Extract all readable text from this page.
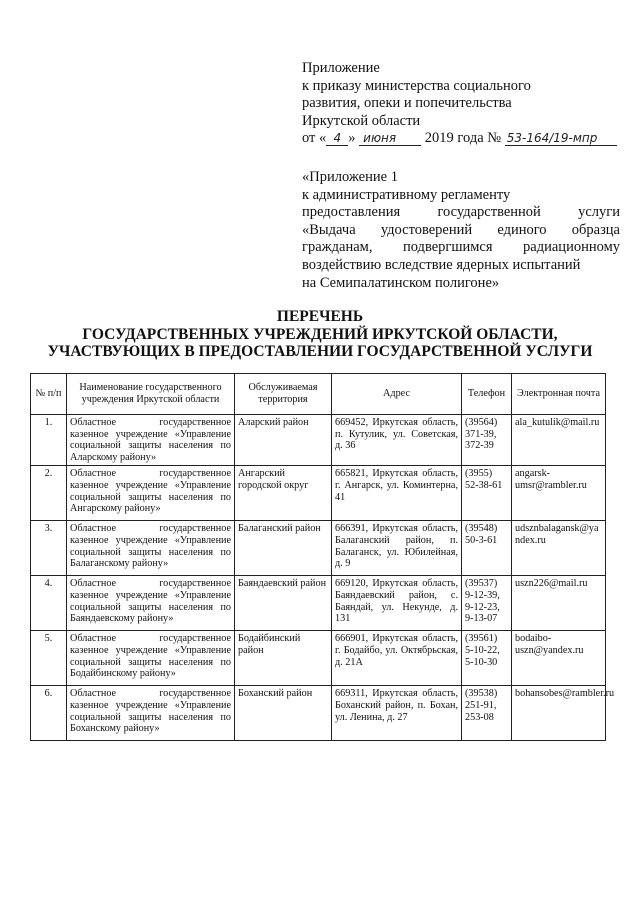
Приложение
к приказу министерства социального
развития, опеки и попечительства
Иркутской области
от « 4 » июня 2019 года № 53-164/19-мпр
«Приложение 1
к административному регламенту
предоставления	государственной	услуги
«Выдача удостоверений единого образца
гражданам, подвергшимся радиационному
воздействию вследствие ядерных испытаний
на Семипалатинском полигоне»
ПЕРЕЧЕНЬ
ГОСУДАРСТВЕННЫХ УЧРЕЖДЕНИЙ ИРКУТСКОЙ ОБЛАСТИ,
УЧАСТВУЮЩИХ В ПРЕДОСТАВЛЕНИИ ГОСУДАРСТВЕННОЙ УСЛУГИ
№ п/п	Наименование государственного учреждения Иркутской области	Обслуживаемая территория	Адрес	Телефон	Электронная почта
1.	Областное государственное казенное учреждение «Управление социальной защиты населения по Аларскому району»	Аларский район	669452, Иркутская область, п. Кутулик, ул. Советская, д. 36	(39564) 371-39, 372-39	ala_kutulik@mail.ru
2.	Областное государственное казенное учреждение «Управление социальной защиты населения по Ангарскому району»	Ангарский городской округ	665821, Иркутская область, г. Ангарск, ул. Коминтерна, 41	(3955) 52-38-61	angarsk-umsr@rambler.ru
3.	Областное государственное казенное учреждение «Управление социальной защиты населения по Балаганскому району»	Балаганский район	666391, Иркутская область, Балаганский район, п. Балаганск, ул. Юбилейная, д. 9	(39548) 50-3-61	udsznbalagansk@yandex.ru
4.	Областное государственное казенное учреждение «Управление социальной защиты населения по Баяндаевскому району»	Баяндаевский район	669120, Иркутская область, Баяндаевский район, с. Баяндай, ул. Некунде, д. 131	(39537) 9-12-39, 9-12-23, 9-13-07	uszn226@mail.ru
5.	Областное государственное казенное учреждение «Управление социальной защиты населения по Бодайбинскому району»	Бодайбинский район	666901, Иркутская область, г. Бодайбо, ул. Октябрьская, д. 21А	(39561) 5-10-22, 5-10-30	bodaibo-uszn@yandex.ru
6.	Областное государственное казенное учреждение «Управление социальной защиты населения по Боханскому району»	Боханский район	669311, Иркутская область, Боханский район, п. Бохан, ул. Ленина, д. 27	(39538) 251-91, 253-08	bohansobes@rambler.ru
